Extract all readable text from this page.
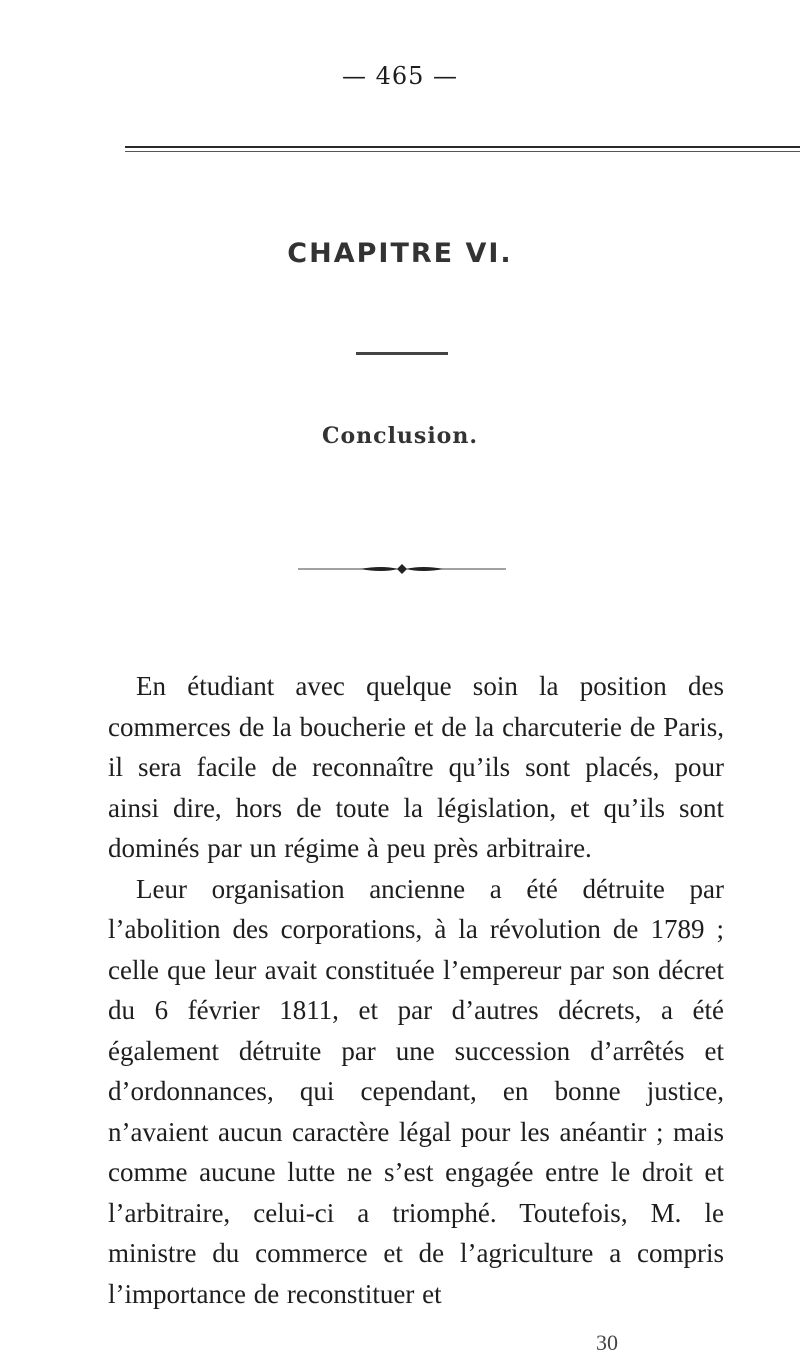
— 465 —
CHAPITRE VI.
Conclusion.

En étudiant avec quelque soin la position des commerces de la boucherie et de la charcuterie de Paris, il sera facile de reconnaître qu’ils sont placés, pour ainsi dire, hors de toute la législation, et qu’ils sont dominés par un régime à peu près arbitraire.

Leur organisation ancienne a été détruite par l’abolition des corporations, à la révolution de 1789 ; celle que leur avait constituée l’empereur par son décret du 6 février 1811, et par d’autres décrets, a été également détruite par une succession d’arrêtés et d’ordonnances, qui cependant, en bonne justice, n’avaient aucun caractère légal pour les anéantir ; mais comme aucune lutte ne s’est engagée entre le droit et l’arbitraire, celui-ci a triomphé. Toutefois, M. le ministre du commerce et de l’agriculture a compris l’importance de reconstituer et

30
